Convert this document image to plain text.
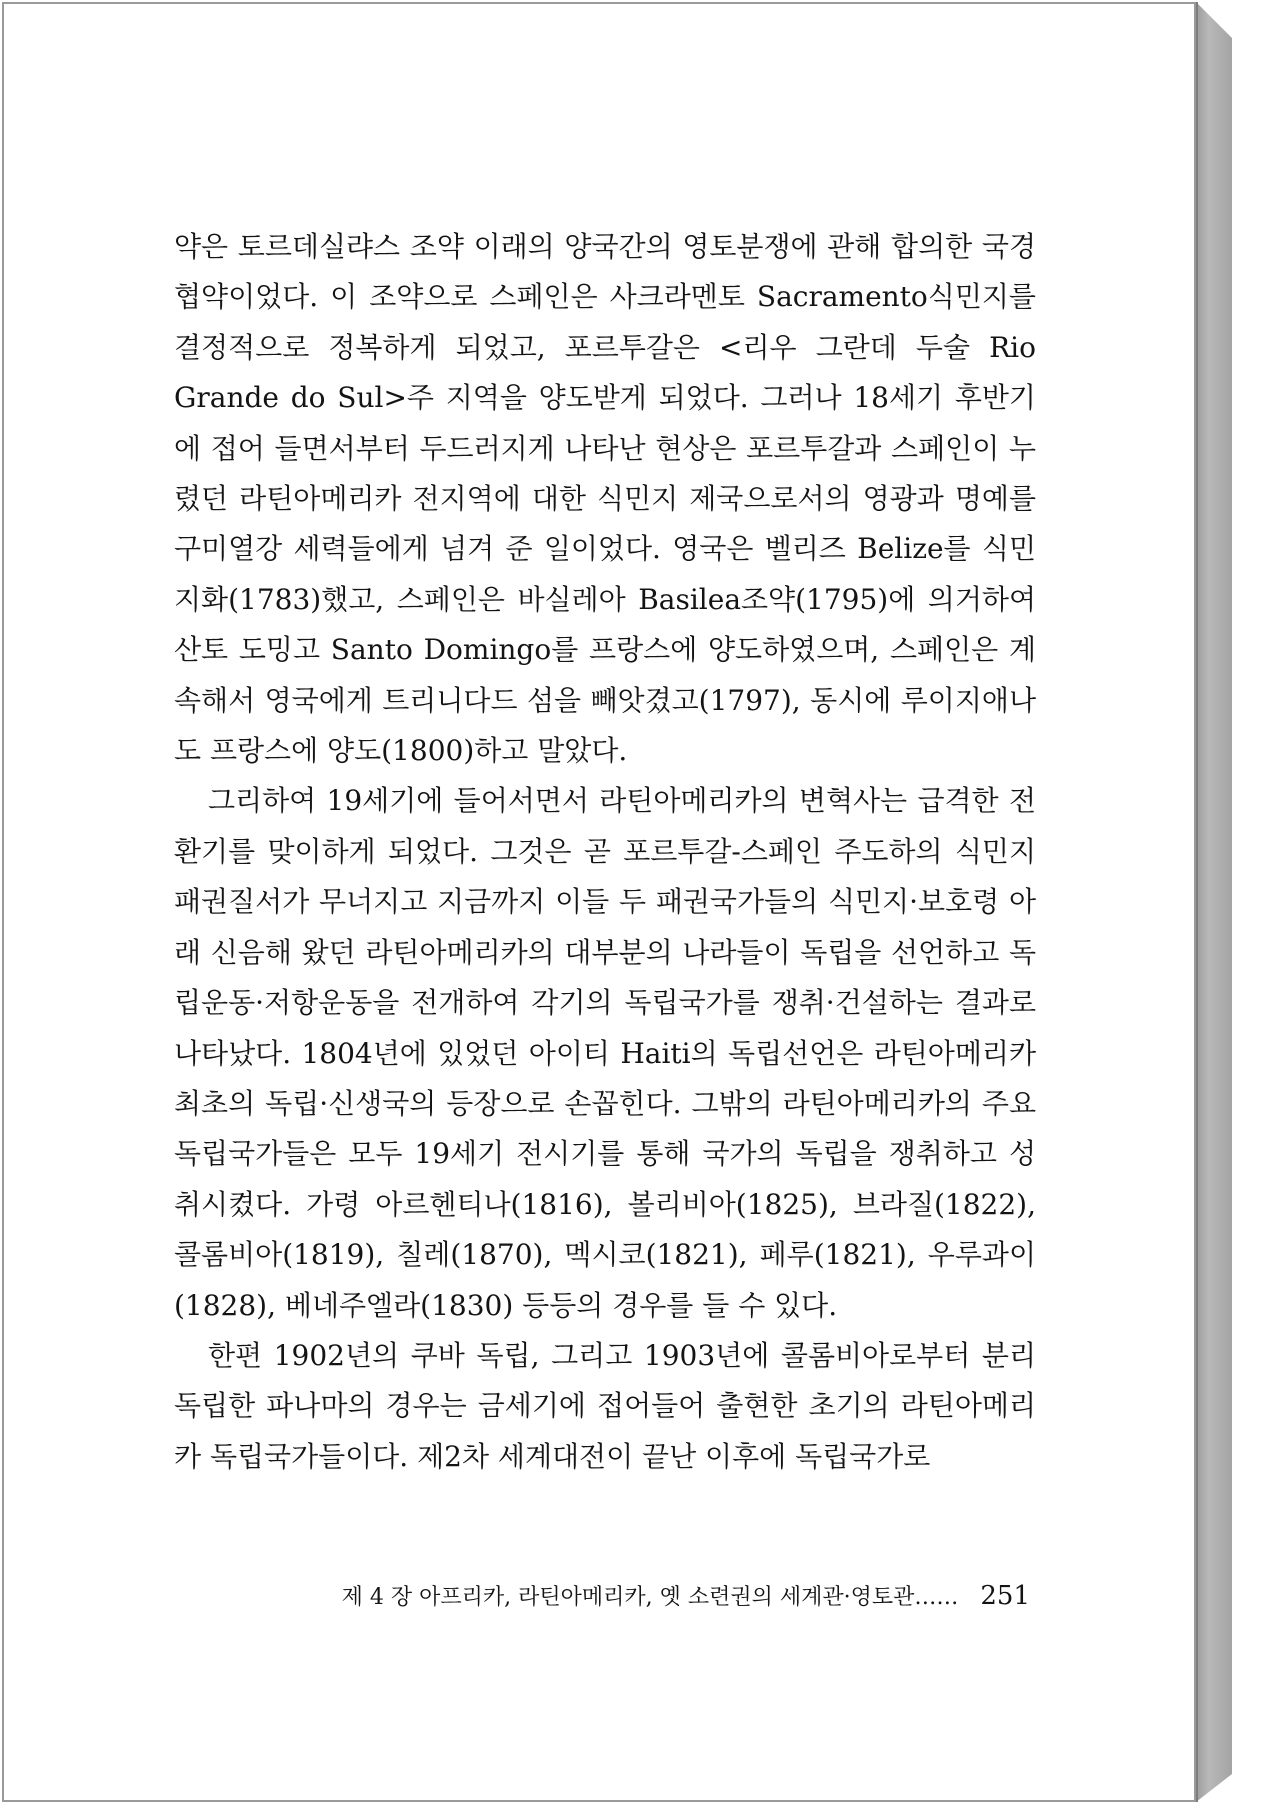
약은 토르데실랴스 조약 이래의 양국간의 영토분쟁에 관해 합의한 국경협약이었다. 이 조약으로 스페인은 사크라멘토 Sacramento식민지를 결정적으로 정복하게 되었고, 포르투갈은 <리우 그란데 두술 Rio Grande do Sul>주 지역을 양도받게 되었다. 그러나 18세기 후반기에 접어 들면서부터 두드러지게 나타난 현상은 포르투갈과 스페인이 누렸던 라틴아메리카 전지역에 대한 식민지 제국으로서의 영광과 명예를 구미열강 세력들에게 넘겨 준 일이었다. 영국은 벨리즈 Belize를 식민지화(1783)했고, 스페인은 바실레아 Basilea조약(1795)에 의거하여 산토 도밍고 Santo Domingo를 프랑스에 양도하였으며, 스페인은 계속해서 영국에게 트리니다드 섬을 빼앗겼고(1797), 동시에 루이지애나도 프랑스에 양도(1800)하고 말았다.

그리하여 19세기에 들어서면서 라틴아메리카의 변혁사는 급격한 전환기를 맞이하게 되었다. 그것은 곧 포르투갈-스페인 주도하의 식민지 패권질서가 무너지고 지금까지 이들 두 패권국가들의 식민지·보호령 아래 신음해 왔던 라틴아메리카의 대부분의 나라들이 독립을 선언하고 독립운동·저항운동을 전개하여 각기의 독립국가를 쟁취·건설하는 결과로 나타났다. 1804년에 있었던 아이티 Haiti의 독립선언은 라틴아메리카 최초의 독립·신생국의 등장으로 손꼽힌다. 그밖의 라틴아메리카의 주요 독립국가들은 모두 19세기 전시기를 통해 국가의 독립을 쟁취하고 성취시켰다. 가령 아르헨티나(1816), 볼리비아(1825), 브라질(1822), 콜롬비아(1819), 칠레(1870), 멕시코(1821), 페루(1821), 우루과이(1828), 베네주엘라(1830) 등등의 경우를 들 수 있다.

한편 1902년의 쿠바 독립, 그리고 1903년에 콜롬비아로부터 분리 독립한 파나마의 경우는 금세기에 접어들어 출현한 초기의 라틴아메리카 독립국가들이다. 제2차 세계대전이 끝난 이후에 독립국가로

제 4 장 아프리카, 라틴아메리카, 옛 소련권의 세계관·영토관…… 251
